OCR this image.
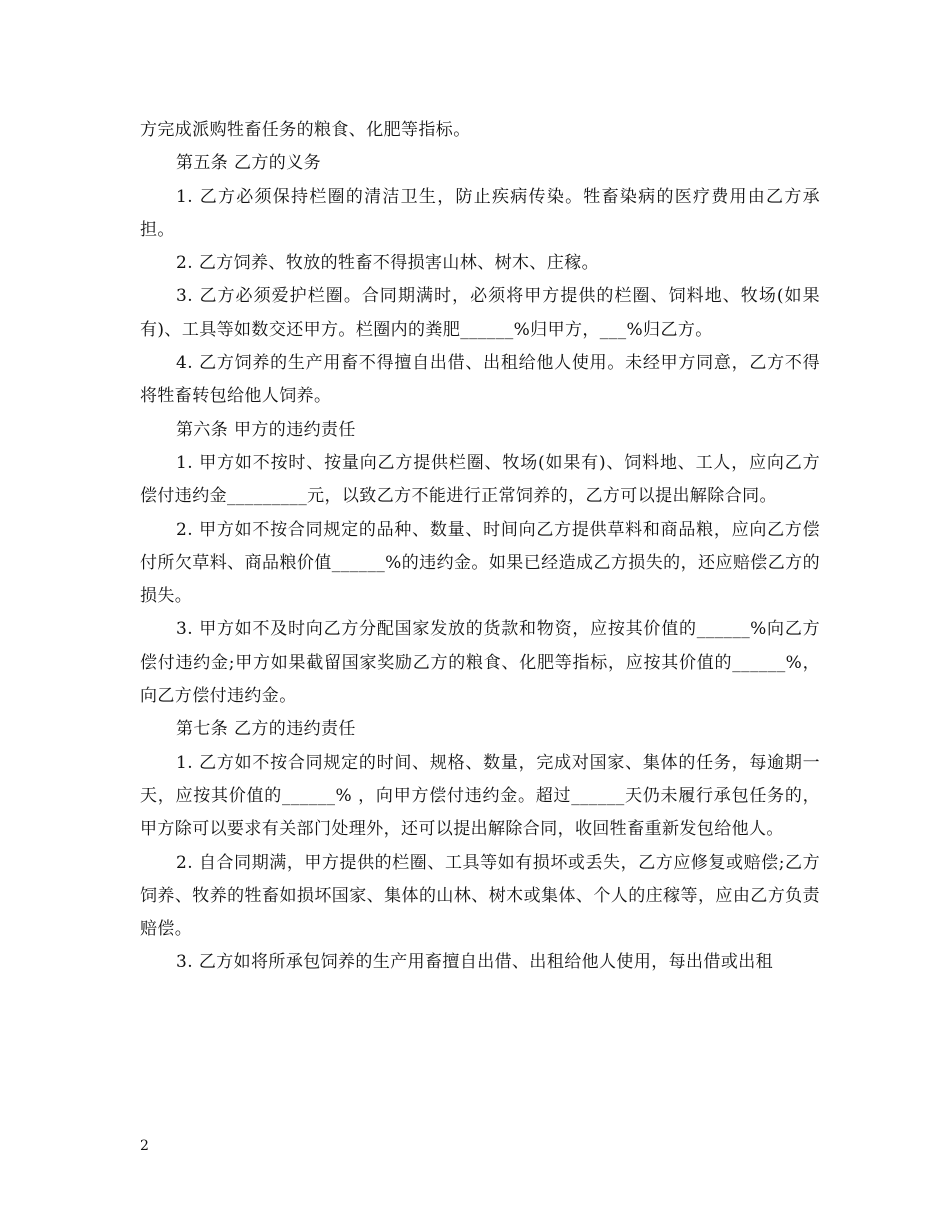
方完成派购牲畜任务的粮食、化肥等指标。

第五条 乙方的义务

1. 乙方必须保持栏圈的清洁卫生，防止疾病传染。牲畜染病的医疗费用由乙方承担。

2. 乙方饲养、牧放的牲畜不得损害山林、树木、庄稼。

3. 乙方必须爱护栏圈。合同期满时，必须将甲方提供的栏圈、饲料地、牧场(如果有)、工具等如数交还甲方。栏圈内的粪肥______%归甲方，___%归乙方。

4. 乙方饲养的生产用畜不得擅自出借、出租给他人使用。未经甲方同意，乙方不得将牲畜转包给他人饲养。

第六条 甲方的违约责任

1. 甲方如不按时、按量向乙方提供栏圈、牧场(如果有)、饲料地、工人，应向乙方偿付违约金_________元，以致乙方不能进行正常饲养的，乙方可以提出解除合同。

2. 甲方如不按合同规定的品种、数量、时间向乙方提供草料和商品粮，应向乙方偿付所欠草料、商品粮价值______%的违约金。如果已经造成乙方损失的，还应赔偿乙方的损失。

3. 甲方如不及时向乙方分配国家发放的货款和物资，应按其价值的______%向乙方偿付违约金;甲方如果截留国家奖励乙方的粮食、化肥等指标，应按其价值的______%，向乙方偿付违约金。

第七条 乙方的违约责任

1. 乙方如不按合同规定的时间、规格、数量，完成对国家、集体的任务，每逾期一天，应按其价值的______% ，向甲方偿付违约金。超过______天仍未履行承包任务的，甲方除可以要求有关部门处理外，还可以提出解除合同，收回牲畜重新发包给他人。

2. 自合同期满，甲方提供的栏圈、工具等如有损坏或丢失，乙方应修复或赔偿;乙方饲养、牧养的牲畜如损坏国家、集体的山林、树木或集体、个人的庄稼等，应由乙方负责赔偿。

3. 乙方如将所承包饲养的生产用畜擅自出借、出租给他人使用，每出借或出租

2
